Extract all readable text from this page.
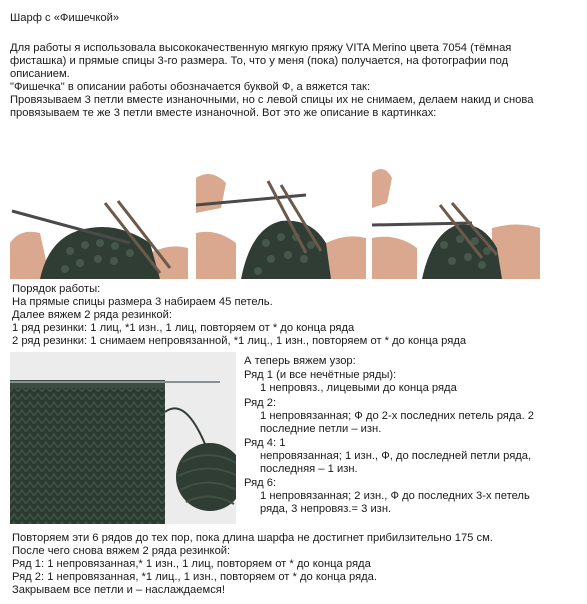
Шарф с «Фишечкой»
Для работы я использовала высококачественную мягкую пряжу VITA Merino цвета 7054 (тёмная
фисташка) и прямые спицы 3-го размера. То, что у меня (пока) получается, на фотографии под
описанием.
"Фишечка" в описании работы обозначается буквой Ф, а вяжется так:
Провязываем 3 петли вместе изнаночными, но с левой спицы их не снимаем, делаем накид и снова
провязываем те же 3 петли вместе изнаночной. Вот это же описание в картинках:
Порядок работы:
На прямые спицы размера 3 набираем 45 петель.
Далее вяжем 2 ряда резинкой:
1 ряд резинки: 1 лиц, *1 изн., 1 лиц, повторяем от * до конца ряда
2 ряд резинки: 1 снимаем непровязанной, *1 лиц., 1 изн., повторяем от * до конца ряда
А теперь вяжем узор:
Ряд 1 (и все нечётные ряды):
1 непровяз., лицевыми до конца ряда
Ряд 2:
1 непровязанная; Ф до 2-х последних петель ряда. 2
последние петли – изн.
Ряд 4: 1
непровязанная; 1 изн., Ф, до последней петли ряда,
последняя – 1 изн.
Ряд 6:
1 непровязанная; 2 изн., Ф до последних 3-х петель
ряда, 3 непровяз.= 3 изн.
Повторяем эти 6 рядов до тех пор, пока длина шарфа не достигнет прибилзительно 175 см.
После чего снова вяжем 2 ряда резинкой:
Ряд 1: 1 непровязанная,* 1 изн., 1 лиц, повторяем от * до конца ряда
Ряд 2: 1 непровязанная, *1 лиц., 1 изн., повторяем от * до конца ряда.
Закрываем все петли и – наслаждаемся!
